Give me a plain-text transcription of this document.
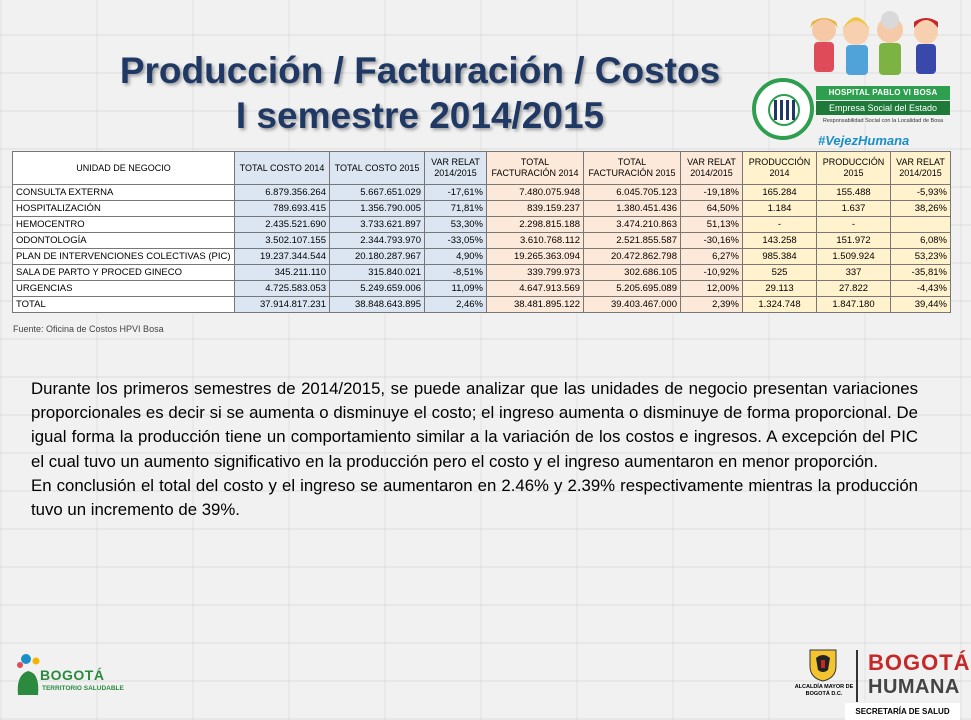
Producción / Facturación / Costos
I semestre 2014/2015
HOSPITAL PABLO VI BOSA
Empresa Social del Estado
Responsabilidad Social con la Localidad de Bosa
#VejezHumana
UNIDAD DE NEGOCIO	TOTAL COSTO 2014	TOTAL COSTO 2015	VAR RELAT 2014/2015	TOTAL FACTURACIÓN 2014	TOTAL FACTURACIÓN 2015	VAR RELAT 2014/2015	PRODUCCIÓN 2014	PRODUCCIÓN 2015	VAR RELAT 2014/2015
CONSULTA EXTERNA	6.879.356.264	5.667.651.029	-17,61%	7.480.075.948	6.045.705.123	-19,18%	165.284	155.488	-5,93%
HOSPITALIZACIÓN	789.693.415	1.356.790.005	71,81%	839.159.237	1.380.451.436	64,50%	1.184	1.637	38,26%
HEMOCENTRO	2.435.521.690	3.733.621.897	53,30%	2.298.815.188	3.474.210.863	51,13%	-	-	
ODONTOLOGÍA	3.502.107.155	2.344.793.970	-33,05%	3.610.768.112	2.521.855.587	-30,16%	143.258	151.972	6,08%
PLAN DE INTERVENCIONES COLECTIVAS (PIC)	19.237.344.544	20.180.287.967	4,90%	19.265.363.094	20.472.862.798	6,27%	985.384	1.509.924	53,23%
SALA DE PARTO Y PROCED GINECO	345.211.110	315.840.021	-8,51%	339.799.973	302.686.105	-10,92%	525	337	-35,81%
URGENCIAS	4.725.583.053	5.249.659.006	11,09%	4.647.913.569	5.205.695.089	12,00%	29.113	27.822	-4,43%
TOTAL	37.914.817.231	38.848.643.895	2,46%	38.481.895.122	39.403.467.000	2,39%	1.324.748	1.847.180	39,44%
Fuente: Oficina de Costos HPVI Bosa

Durante los primeros semestres de 2014/2015, se puede analizar que las unidades de negocio presentan variaciones proporcionales es decir si se aumenta o disminuye el costo; el ingreso aumenta o disminuye de forma proporcional. De igual forma la producción tiene un comportamiento similar a la variación de los costos e ingresos. A excepción del PIC el cual tuvo un aumento significativo en la producción pero el costo y el ingreso aumentaron en menor proporción.

En conclusión el total del costo y el ingreso se aumentaron en 2.46% y 2.39% respectivamente mientras la producción tuvo un incremento de 39%.

BOGOTÁ
TERRITORIO SALUDABLE	ALCALDÍA MAYOR DE BOGOTÁ D.C.
BOGOTÁ
HUMANA
SECRETARÍA DE SALUD
